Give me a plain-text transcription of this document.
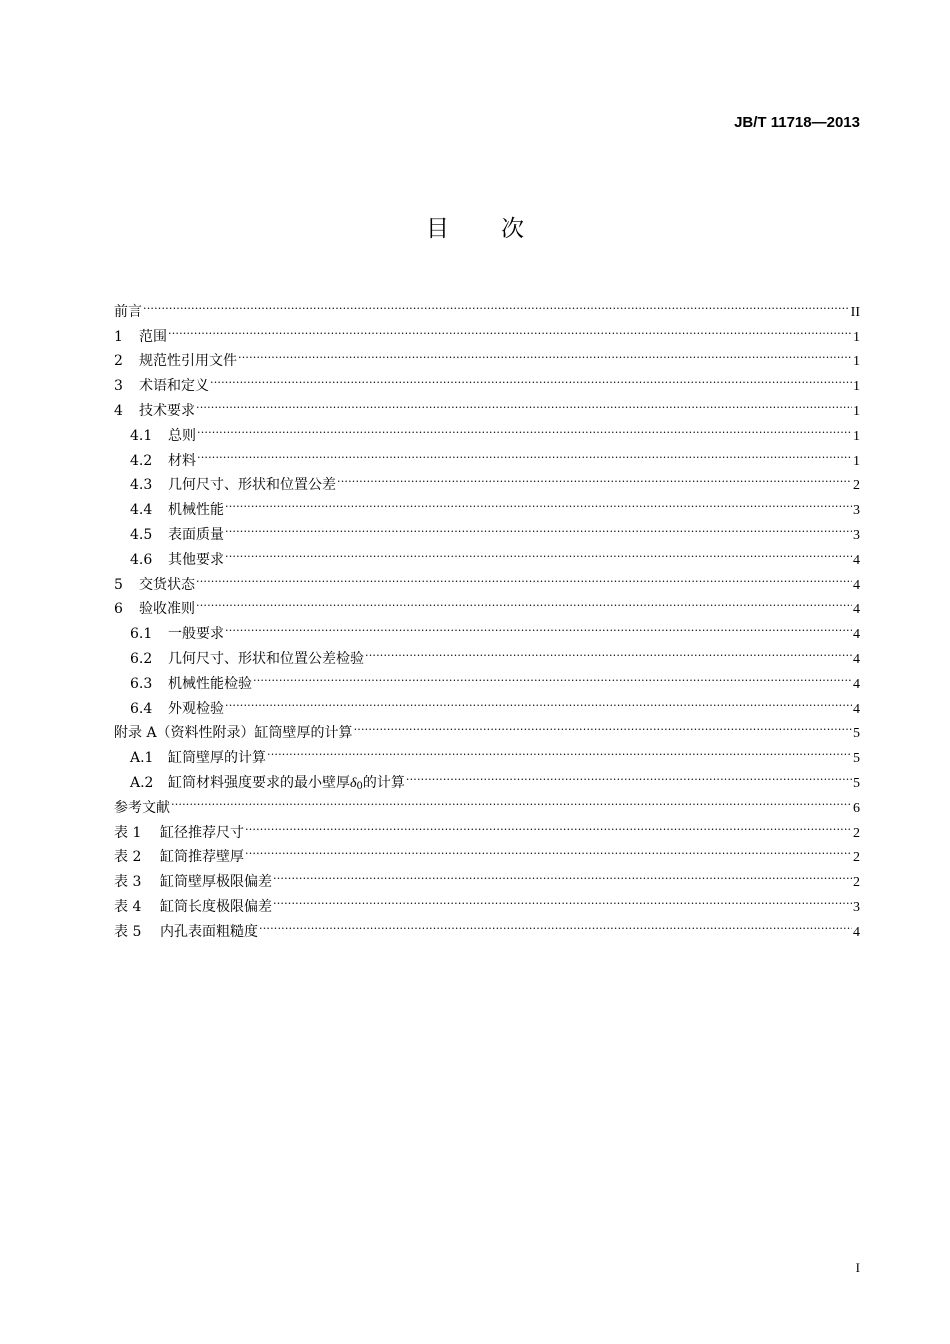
JB/T 11718—2013
目次
前言 .....	II
1	范围 .....	1
2	规范性引用文件 .....	1
3	术语和定义 .....	1
4	技术要求 .....	1
4.1	总则 .....	1
4.2	材料 .....	1
4.3	几何尺寸、形状和位置公差 .....	2
4.4	机械性能 .....	3
4.5	表面质量 .....	3
4.6	其他要求 .....	4
5	交货状态 .....	4
6	验收准则 .....	4
6.1	一般要求 .....	4
6.2	几何尺寸、形状和位置公差检验 .....	4
6.3	机械性能检验 .....	4
6.4	外观检验 .....	4
附录 A（资料性附录）缸筒壁厚的计算 .....	5
A.1	缸筒壁厚的计算 .....	5
A.2	缸筒材料强度要求的最小壁厚δ0的计算 .....	5
参考文献 .....	6
表 1	缸径推荐尺寸 .....	2
表 2	缸筒推荐壁厚 .....	2
表 3	缸筒壁厚极限偏差 .....	2
表 4	缸筒长度极限偏差 .....	3
表 5	内孔表面粗糙度 .....	4
I
